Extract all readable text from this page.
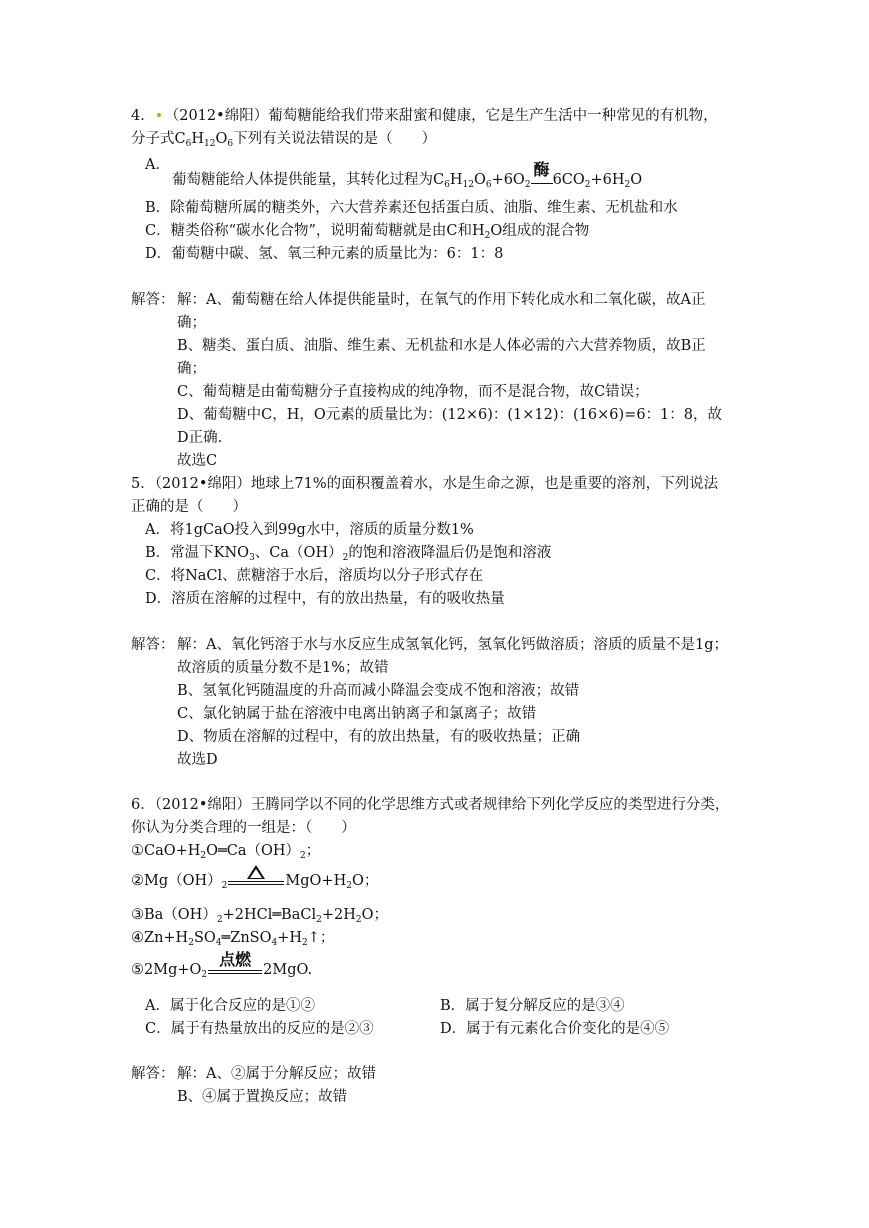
4． （2012•绵阳）葡萄糖能给我们带来甜蜜和健康，它是生产生活中一种常见的有机物，
分子式$C_6H_{12}O_6$下列有关说法错误的是（　　）
A．
葡萄糖能给人体提供能量，其转化过程为$C_6H_{12}O_6+6O_2$
酶
$6CO_2+6H_2O$
B．除葡萄糖所属的糖类外，六大营养素还包括蛋白质、油脂、维生素、无机盐和水
C．糖类俗称“碳水化合物”，说明葡萄糖就是由C和$H_2O$组成的混合物
D．葡萄糖中碳、氢、氧三种元素的质量比为：6：1：8
解答： 解：A、葡萄糖在给人体提供能量时，在氧气的作用下转化成水和二氧化碳，故A正
确；
B、糖类、蛋白质、油脂、维生素、无机盐和水是人体必需的六大营养物质，故B正
确；
C、葡萄糖是由葡萄糖分子直接构成的纯净物，而不是混合物，故C错误；
D、葡萄糖中C，H，O元素的质量比为：(12×6)：(1×12)：(16×6)=6：1：8，故
D正确.
故选C
5．（2012•绵阳）地球上71%的面积覆盖着水，水是生命之源，也是重要的溶剂，下列说法
正确的是（　　）
A．将1gCaO投入到99g水中，溶质的质量分数1%
B．常温下$KNO_3$、$Ca(OH)_2$的饱和溶液降温后仍是饱和溶液
C．将NaCl、蔗糖溶于水后，溶质均以分子形式存在
D．溶质在溶解的过程中，有的放出热量，有的吸收热量
解答： 解：A、氧化钙溶于水与水反应生成氢氧化钙，氢氧化钙做溶质；溶质的质量不是1g；
故溶质的质量分数不是1%；故错
B、氢氧化钙随温度的升高而减小降温会变成不饱和溶液；故错
C、氯化钠属于盐在溶液中电离出钠离子和氯离子；故错
D、物质在溶解的过程中，有的放出热量，有的吸收热量；正确
故选D
6．（2012•绵阳）王腾同学以不同的化学思维方式或者规律给下列化学反应的类型进行分类，
你认为分类合理的一组是：（　　）
$①CaO+H_2O═Ca(OH)_2$；
$②Mg(OH)_2$	$MgO+H_2O$；
$③Ba(OH)_2+2HCl═BaCl_2+2H_2O$；
$④Zn+H_2SO_4═ZnSO_4+H_2↑$；
$⑤2Mg+O_2$
点燃
2MgO.
A．属于化合反应的是①②	B．属于复分解反应的是③④
C．属于有热量放出的反应的是②③	D．属于有元素化合价变化的是④⑤
解答： 解：A、②属于分解反应；故错
B、④属于置换反应；故错
